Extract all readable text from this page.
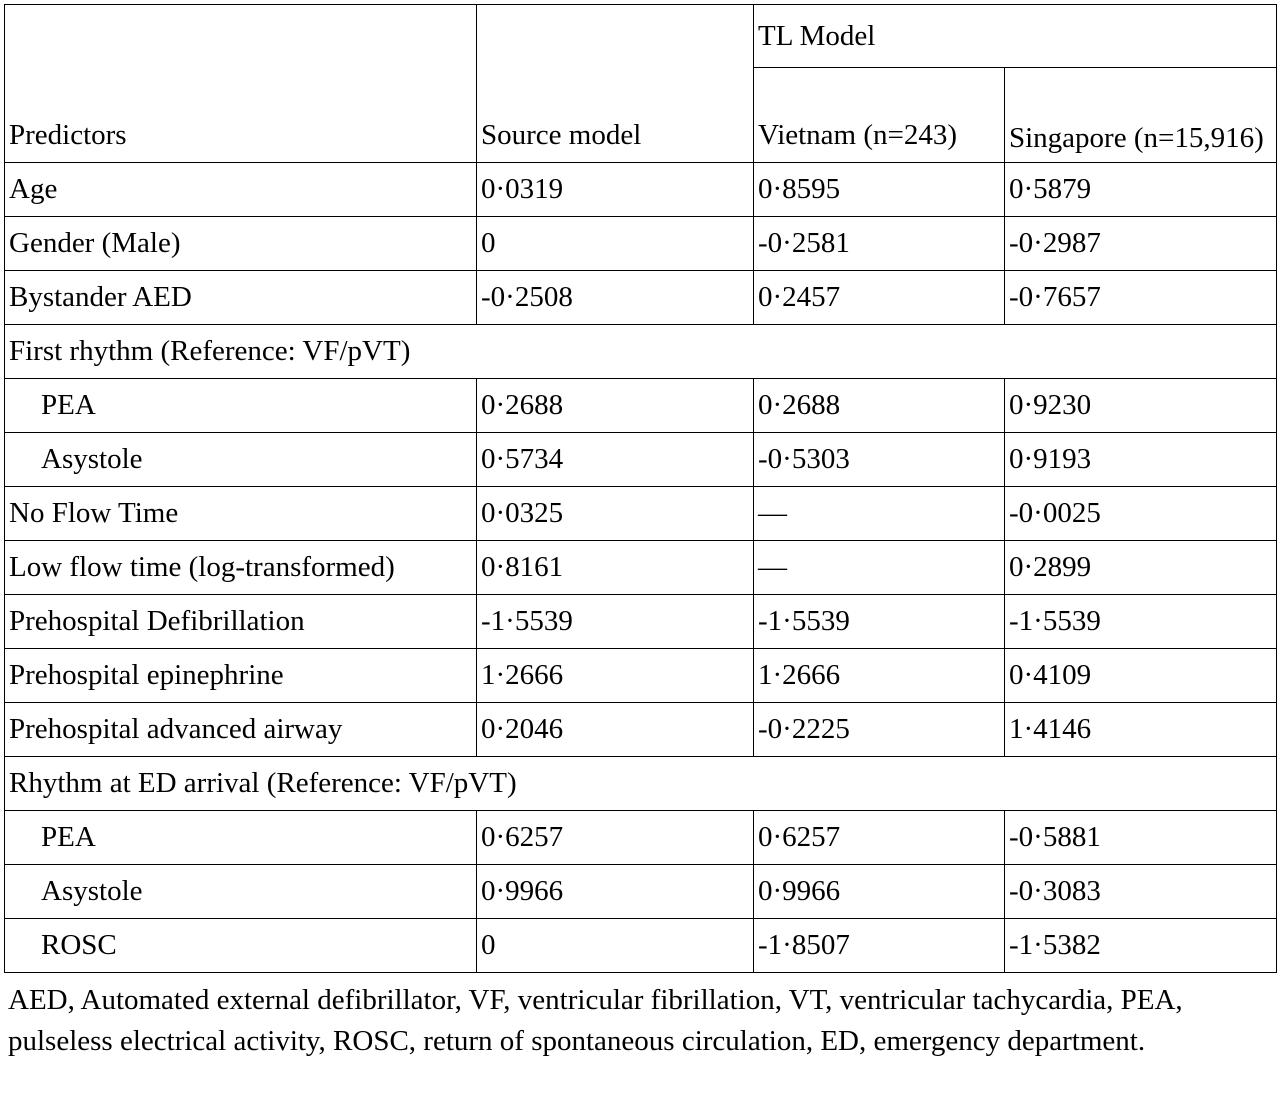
Predictors	Source model	TL Model	
		Vietnam (n=243)	Singapore (n=15,916)
Age	0·0319	0·8595	0·5879
Gender (Male)	0	-0·2581	-0·2987
Bystander AED	-0·2508	0·2457	-0·7657
First rhythm (Reference: VF/pVT)			
PEA	0·2688	0·2688	0·9230
Asystole	0·5734	-0·5303	0·9193
No Flow Time	0·0325	—	-0·0025
Low flow time (log-transformed)	0·8161	—	0·2899
Prehospital Defibrillation	-1·5539	-1·5539	-1·5539
Prehospital epinephrine	1·2666	1·2666	0·4109
Prehospital advanced airway	0·2046	-0·2225	1·4146
Rhythm at ED arrival (Reference: VF/pVT)			
PEA	0·6257	0·6257	-0·5881
Asystole	0·9966	0·9966	-0·3083
ROSC	0	-1·8507	-1·5382
AED, Automated external defibrillator, VF, ventricular fibrillation, VT, ventricular tachycardia, PEA, pulseless electrical activity, ROSC, return of spontaneous circulation, ED, emergency department.
